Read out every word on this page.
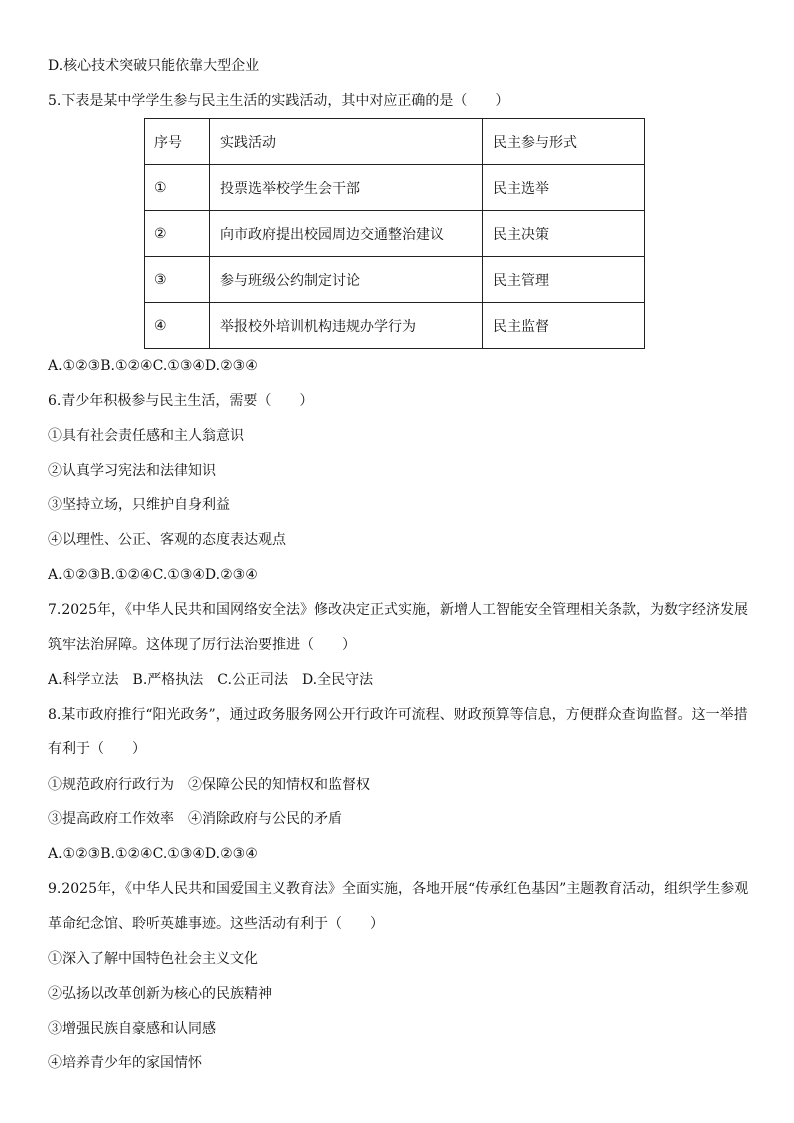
D.核心技术突破只能依靠大型企业
5.下表是某中学学生参与民主生活的实践活动，其中对应正确的是（　　）
序号	实践活动	民主参与形式
①	投票选举校学生会干部	民主选举
②	向市政府提出校园周边交通整治建议	民主决策
③	参与班级公约制定讨论	民主管理
④	举报校外培训机构违规办学行为	民主监督
A.①②③B.①②④C.①③④D.②③④
6.青少年积极参与民主生活，需要（　　）
①具有社会责任感和主人翁意识
②认真学习宪法和法律知识
③坚持立场，只维护自身利益
④以理性、公正、客观的态度表达观点
A.①②③B.①②④C.①③④D.②③④
7.2025年，《中华人民共和国网络安全法》修改决定正式实施，新增人工智能安全管理相关条款，为数字经济发展
筑牢法治屏障。这体现了厉行法治要推进（　　）
A.科学立法　B.严格执法　C.公正司法　D.全民守法
8.某市政府推行“阳光政务”，通过政务服务网公开行政许可流程、财政预算等信息，方便群众查询监督。这一举措
有利于（　　）
①规范政府行政行为　②保障公民的知情权和监督权
③提高政府工作效率　④消除政府与公民的矛盾
A.①②③B.①②④C.①③④D.②③④
9.2025年，《中华人民共和国爱国主义教育法》全面实施，各地开展“传承红色基因”主题教育活动，组织学生参观
革命纪念馆、聆听英雄事迹。这些活动有利于（　　）
①深入了解中国特色社会主义文化
②弘扬以改革创新为核心的民族精神
③增强民族自豪感和认同感
④培养青少年的家国情怀
